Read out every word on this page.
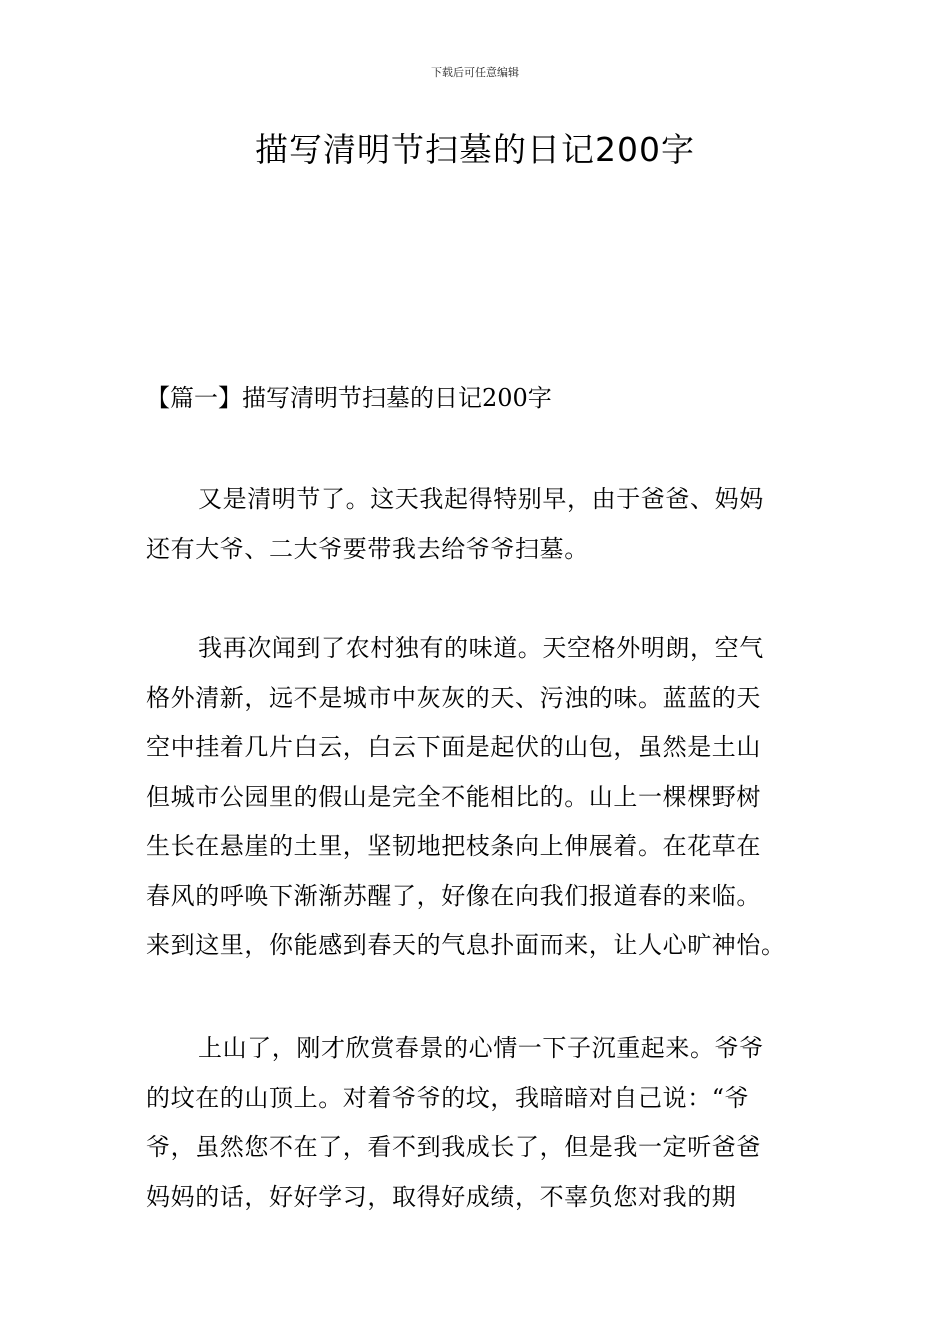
下载后可任意编辑
描写清明节扫墓的日记200字
【篇一】描写清明节扫墓的日记200字
又是清明节了。这天我起得特别早，由于爸爸、妈妈
还有大爷、二大爷要带我去给爷爷扫墓。
我再次闻到了农村独有的味道。天空格外明朗，空气
格外清新，远不是城市中灰灰的天、污浊的味。蓝蓝的天
空中挂着几片白云，白云下面是起伏的山包，虽然是土山
但城市公园里的假山是完全不能相比的。山上一棵棵野树
生长在悬崖的土里，坚韧地把枝条向上伸展着。在花草在
春风的呼唤下渐渐苏醒了，好像在向我们报道春的来临。
来到这里，你能感到春天的气息扑面而来，让人心旷神怡。
上山了，刚才欣赏春景的心情一下子沉重起来。爷爷
的坟在的山顶上。对着爷爷的坟，我暗暗对自己说：“爷
爷，虽然您不在了，看不到我成长了，但是我一定听爸爸
妈妈的话，好好学习，取得好成绩，不辜负您对我的期
